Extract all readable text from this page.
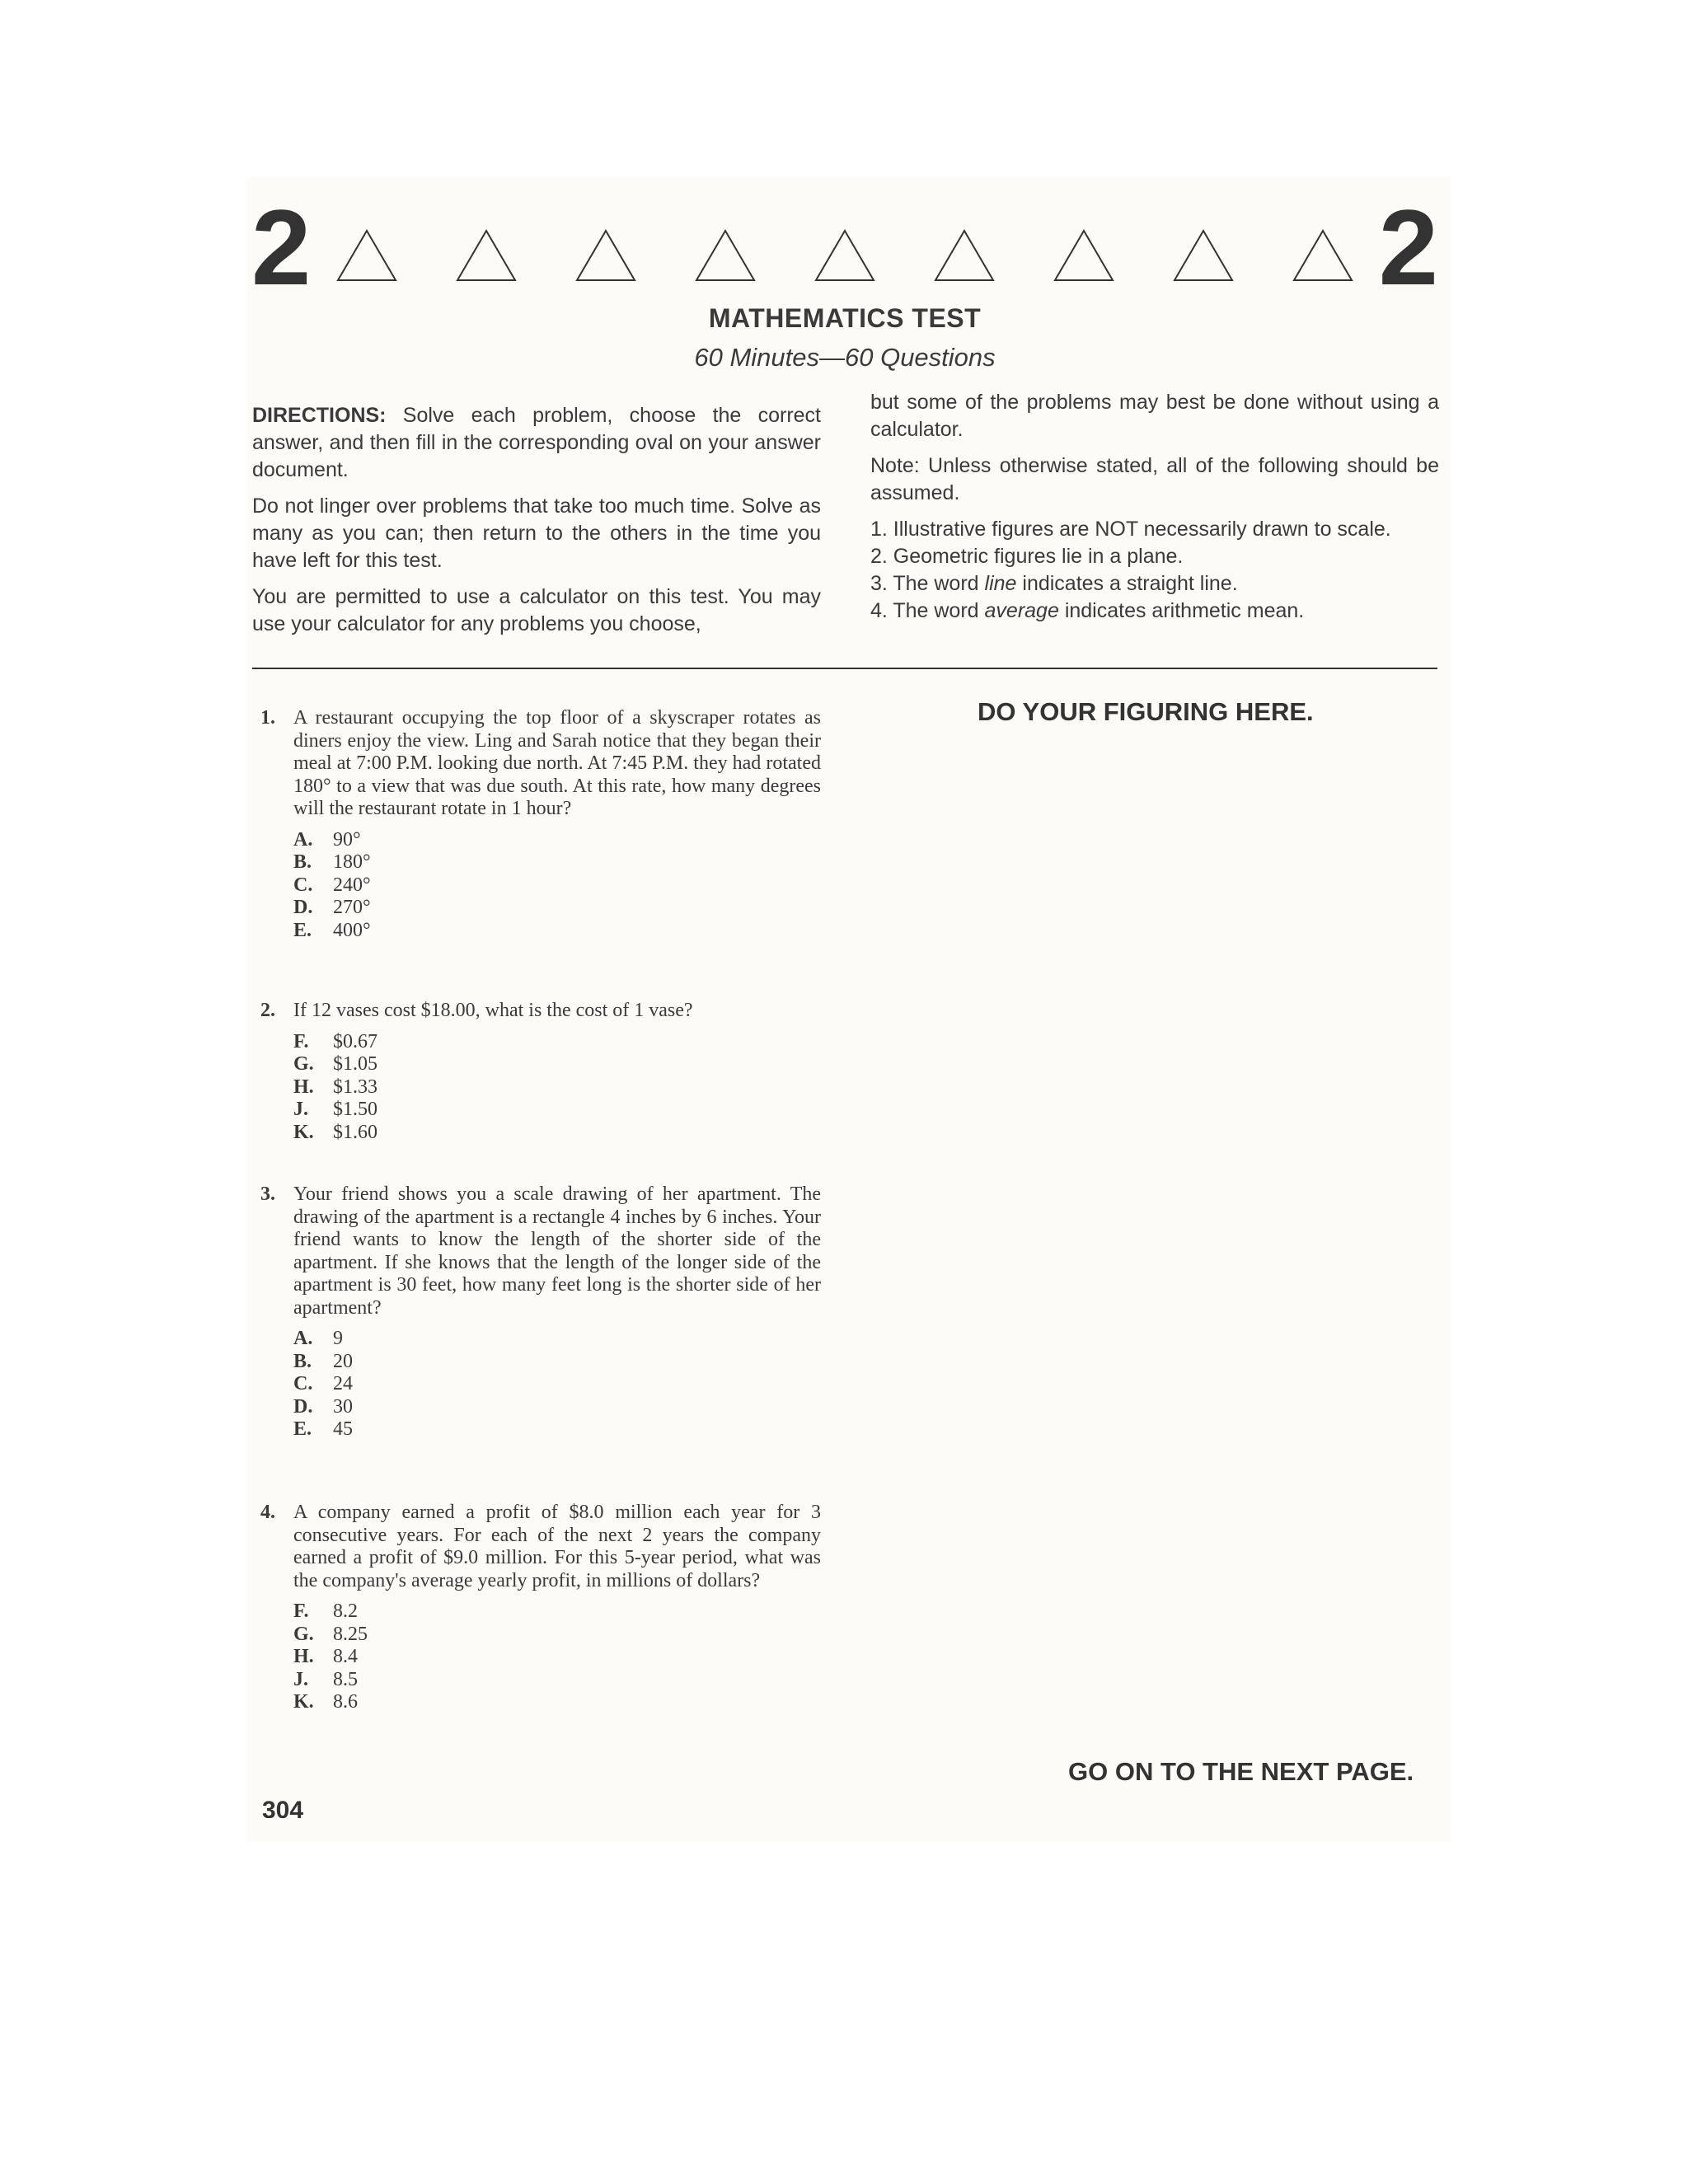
2	2
MATHEMATICS TEST
60 Minutes—60 Questions

DIRECTIONS: Solve each problem, choose the correct answer, and then fill in the corresponding oval on your answer document.

Do not linger over problems that take too much time. Solve as many as you can; then return to the others in the time you have left for this test.

You are permitted to use a calculator on this test. You may use your calculator for any problems you choose,

but some of the problems may best be done without using a calculator.

Note: Unless otherwise stated, all of the following should be assumed.

1. Illustrative figures are NOT necessarily drawn to scale.
2. Geometric figures lie in a plane.
3. The word line indicates a straight line.
4. The word average indicates arithmetic mean.
DO YOUR FIGURING HERE.
1. A restaurant occupying the top floor of a skyscraper rotates as diners enjoy the view. Ling and Sarah notice that they began their meal at 7:00 P.M. looking due north. At 7:45 P.M. they had rotated 180° to a view that was due south. At this rate, how many degrees will the restaurant rotate in 1 hour?
A.	90°
B.	180°
C.	240°
D.	270°
E.	400°
2. If 12 vases cost $18.00, what is the cost of 1 vase?
F.	$0.67
G. $1.05
H. $1.33
J.	$1.50
K. $1.60
3. Your friend shows you a scale drawing of her apartment. The drawing of the apartment is a rectangle 4 inches by 6 inches. Your friend wants to know the length of the shorter side of the apartment. If she knows that the length of the longer side of the apartment is 30 feet, how many feet long is the shorter side of her apartment?
A.	9
B.	20
C.	24
D.	30
E.	45
4. A company earned a profit of $8.0 million each year for 3 consecutive years. For each of the next 2 years the company earned a profit of $9.0 million. For this 5-year period, what was the company's average yearly profit, in millions of dollars?
F.	8.2
G. 8.25
H. 8.4
J.	8.5
K. 8.6
GO ON TO THE NEXT PAGE.
304
